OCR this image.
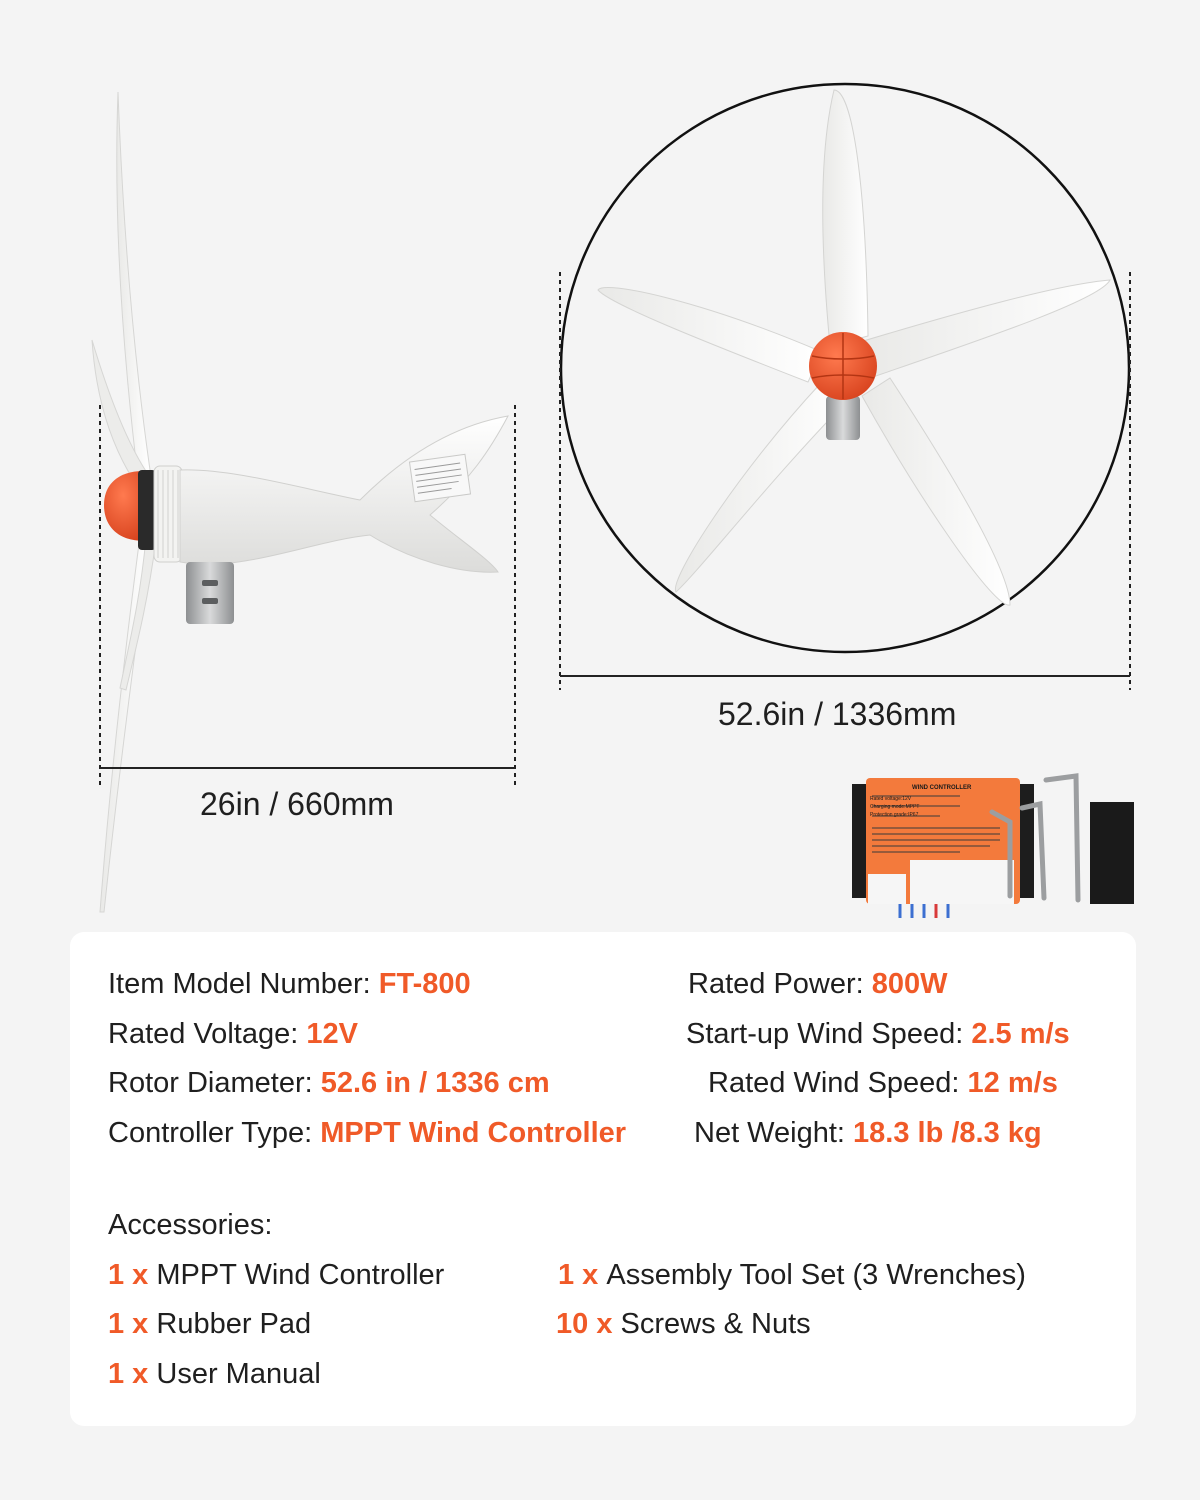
WIND CONTROLLER
Rated voltage:12V
Charging mode:MPPT
Protection grade:IP67
26in / 660mm
52.6in / 1336mm
Item Model Number: FT-800
Rated Voltage: 12V
Rotor Diameter: 52.6 in / 1336 cm
Controller Type: MPPT Wind Controller
Rated Power: 800W
Start-up Wind Speed: 2.5 m/s
Rated Wind Speed: 12 m/s
Net Weight: 18.3 lb /8.3 kg
Accessories:
1 x MPPT Wind Controller
1 x Rubber Pad
1 x User Manual
1 x Assembly Tool Set (3 Wrenches)
10 x Screws & Nuts
